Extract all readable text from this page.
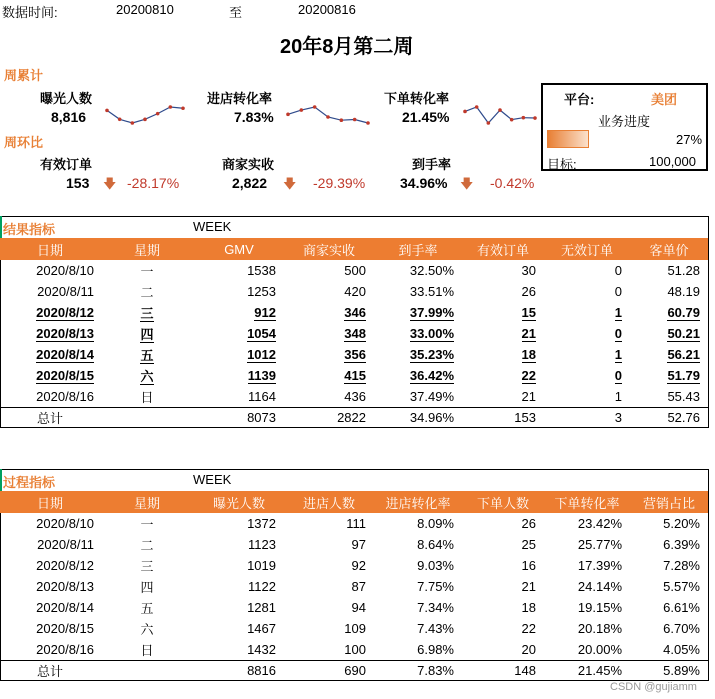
数据时间:	20200810	至	20200816
20年8月第二周
周累计
曝光人数
8,816
进店转化率
7.83%
下单转化率
21.45%
周环比
有效订单
153 🡇 -28.17%
商家实收
2,822 🡇 -29.39%
到手率
34.96% 🡇 -0.42%
平台:	美团
业务进度
27%
目标:	100,000
结果指标	WEEK
日期	星期	GMV	商家实收	到手率	有效订单	无效订单	客单价
2020/8/10	一	1538	500	32.50%	30	0	51.28
2020/8/11	二	1253	420	33.51%	26	0	48.19
2020/8/12	三	912	346	37.99%	15	1	60.79
2020/8/13	四	1054	348	33.00%	21	0	50.21
2020/8/14	五	1012	356	35.23%	18	1	56.21
2020/8/15	六	1139	415	36.42%	22	0	51.79
2020/8/16	日	1164	436	37.49%	21	1	55.43
总计		8073	2822	34.96%	153	3	52.76
过程指标	WEEK
日期	星期	曝光人数	进店人数	进店转化率	下单人数	下单转化率	营销占比
2020/8/10	一	1372	111	8.09%	26	23.42%	5.20%
2020/8/11	二	1123	97	8.64%	25	25.77%	6.39%
2020/8/12	三	1019	92	9.03%	16	17.39%	7.28%
2020/8/13	四	1122	87	7.75%	21	24.14%	5.57%
2020/8/14	五	1281	94	7.34%	18	19.15%	6.61%
2020/8/15	六	1467	109	7.43%	22	20.18%	6.70%
2020/8/16	日	1432	100	6.98%	20	20.00%	4.05%
总计		8816	690	7.83%	148	21.45%	5.89%
CSDN @gujiamm
